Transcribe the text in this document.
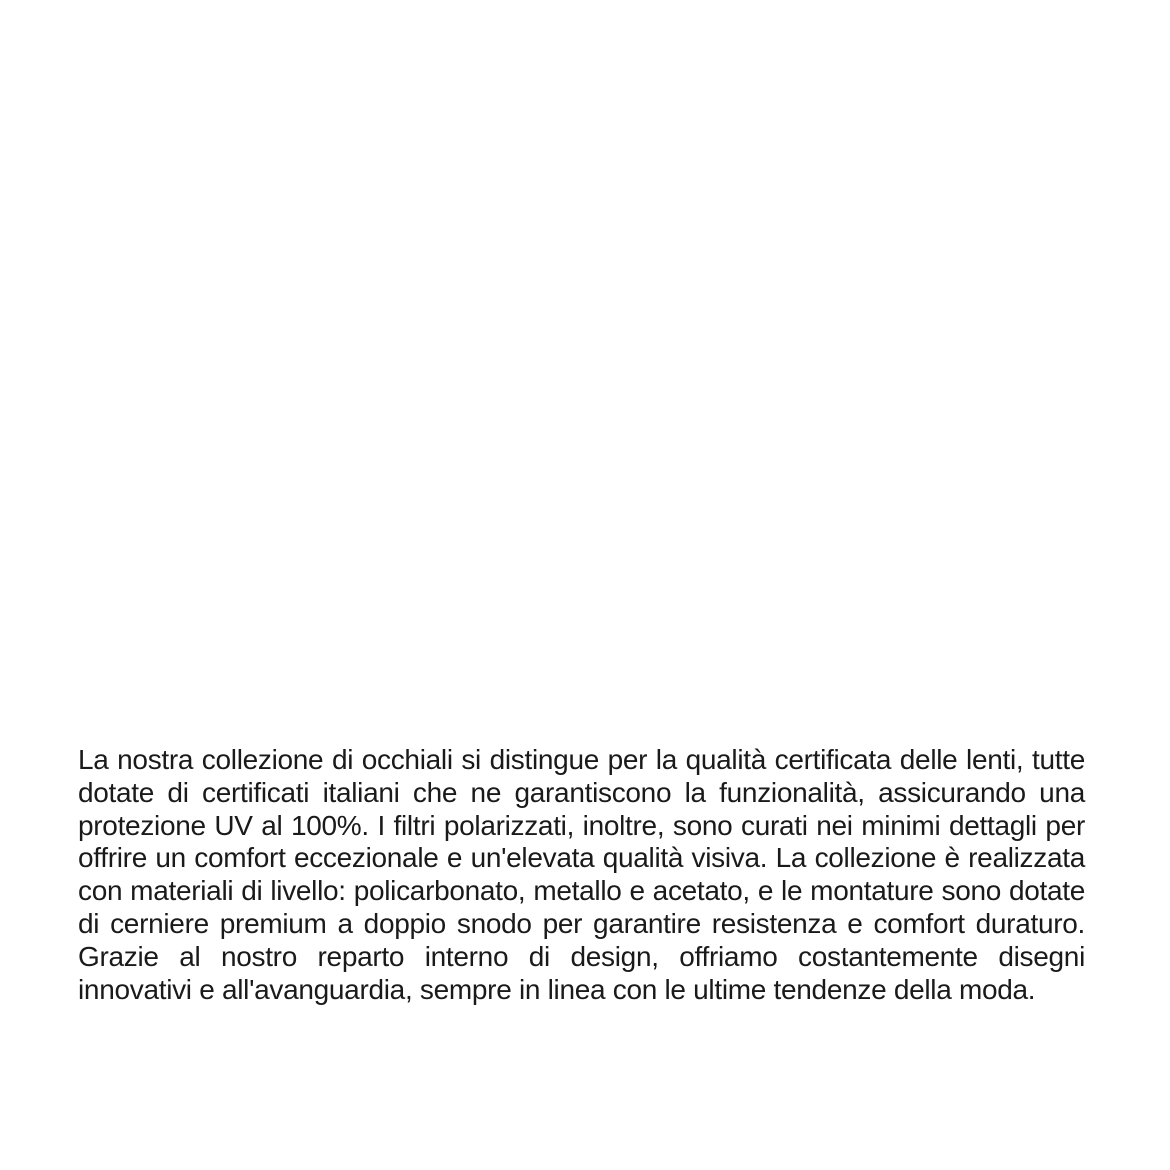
La nostra collezione di occhiali si distingue per la qualità certificata delle lenti, tutte dotate di certificati italiani che ne garantiscono la funzionalità, assicurando una protezione UV al 100%. I filtri polarizzati, inoltre, sono curati nei minimi dettagli per offrire un comfort eccezionale e un'elevata qualità visiva. La collezione è realizzata con materiali di livello: policarbonato, metallo e acetato, e le montature sono dotate di cerniere premium a doppio snodo per garantire resistenza e comfort duraturo. Grazie al nostro reparto interno di design, offriamo costantemente disegni innovativi e all'avanguardia, sempre in linea con le ultime tendenze della moda.
